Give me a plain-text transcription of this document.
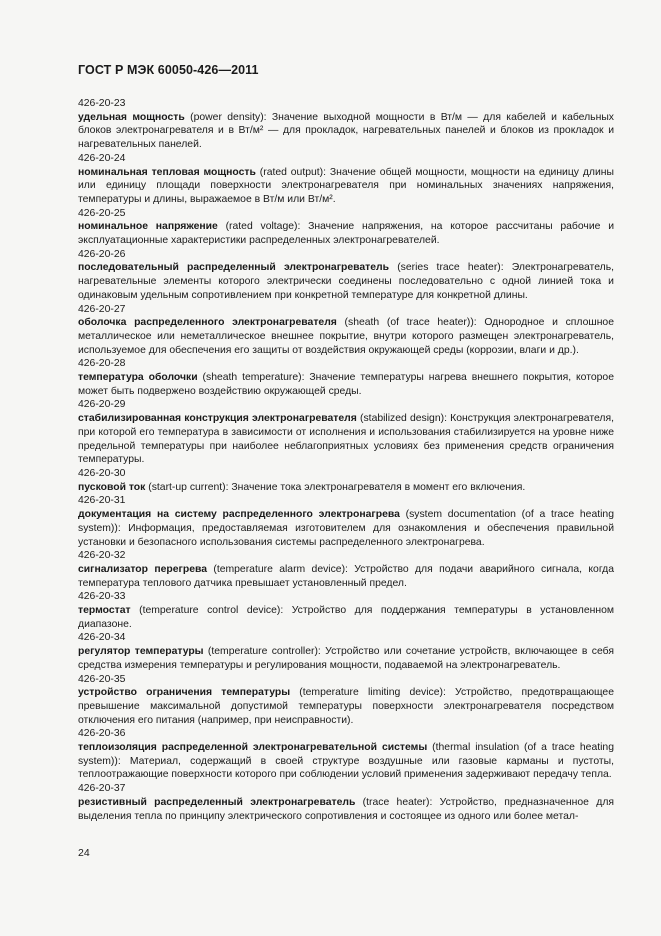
ГОСТ Р МЭК 60050-426—2011

426-20-23

удельная мощность (power density): Значение выходной мощности в Вт/м — для кабелей и кабельных блоков электронагревателя и в Вт/м² — для прокладок, нагревательных панелей и блоков из прокладок и нагревательных панелей.

426-20-24

номинальная тепловая мощность (rated output): Значение общей мощности, мощности на единицу длины или единицу площади поверхности электронагревателя при номинальных значениях напряжения, температуры и длины, выражаемое в Вт/м или Вт/м².

426-20-25

номинальное напряжение (rated voltage): Значение напряжения, на которое рассчитаны рабочие и эксплуатационные характеристики распределенных электронагревателей.

426-20-26

последовательный распределенный электронагреватель (series trace heater): Электронагреватель, нагревательные элементы которого электрически соединены последовательно с одной линией тока и одинаковым удельным сопротивлением при конкретной температуре для конкретной длины.

426-20-27

оболочка распределенного электронагревателя (sheath (of trace heater)): Однородное и сплошное металлическое или неметаллическое внешнее покрытие, внутри которого размещен электронагреватель, используемое для обеспечения его защиты от воздействия окружающей среды (коррозии, влаги и др.).

426-20-28

температура оболочки (sheath temperature): Значение температуры нагрева внешнего покрытия, которое может быть подвержено воздействию окружающей среды.

426-20-29

стабилизированная конструкция электронагревателя (stabilized design): Конструкция электронагревателя, при которой его температура в зависимости от исполнения и использования стабилизируется на уровне ниже предельной температуры при наиболее неблагоприятных условиях без применения средств ограничения температуры.

426-20-30

пусковой ток (start-up current): Значение тока электронагревателя в момент его включения.

426-20-31

документация на систему распределенного электронагрева (system documentation (of a trace heating system)): Информация, предоставляемая изготовителем для ознакомления и обеспечения правильной установки и безопасного использования системы распределенного электронагрева.

426-20-32

сигнализатор перегрева (temperature alarm device): Устройство для подачи аварийного сигнала, когда температура теплового датчика превышает установленный предел.

426-20-33

термостат (temperature control device): Устройство для поддержания температуры в установленном диапазоне.

426-20-34

регулятор температуры (temperature controller): Устройство или сочетание устройств, включающее в себя средства измерения температуры и регулирования мощности, подаваемой на электронагреватель.

426-20-35

устройство ограничения температуры (temperature limiting device): Устройство, предотвращающее превышение максимальной допустимой температуры поверхности электронагревателя посредством отключения его питания (например, при неисправности).

426-20-36

теплоизоляция распределенной электронагревательной системы (thermal insulation (of a trace heating system)): Материал, содержащий в своей структуре воздушные или газовые карманы и пустоты, теплоотражающие поверхности которого при соблюдении условий применения задерживают передачу тепла.

426-20-37

резистивный распределенный электронагреватель (trace heater): Устройство, предназначенное для выделения тепла по принципу электрического сопротивления и состоящее из одного или более метал-

24
